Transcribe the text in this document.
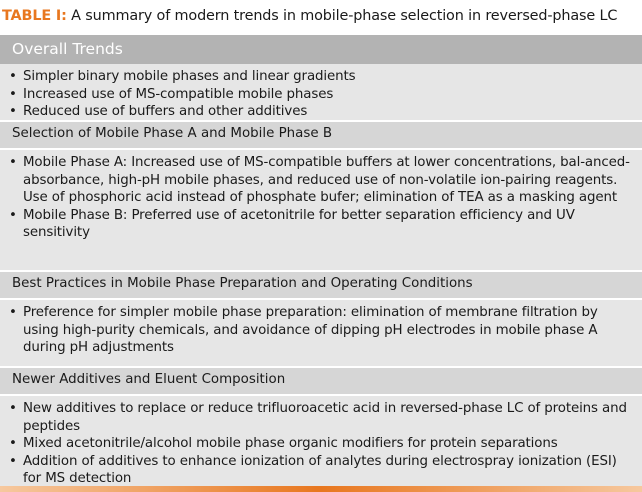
TABLE I: A summary of modern trends in mobile-phase selection in reversed-phase LC
Overall Trends
• Simpler binary mobile phases and linear gradients
• Increased use of MS-compatible mobile phases
• Reduced use of buffers and other additives
Selection of Mobile Phase A and Mobile Phase B
• Mobile Phase A: Increased use of MS-compatible buffers at lower concentrations, bal-anced-absorbance, high-pH mobile phases, and reduced use of non-volatile ion-pairing reagents. Use of phosphoric acid instead of phosphate bufer; elimination of TEA as a masking agent
• Mobile Phase B: Preferred use of acetonitrile for better separation efficiency and UV sensitivity
Best Practices in Mobile Phase Preparation and Operating Conditions
• Preference for simpler mobile phase preparation: elimination of membrane filtration by using high-purity chemicals, and avoidance of dipping pH electrodes in mobile phase A during pH adjustments
Newer Additives and Eluent Composition
• New additives to replace or reduce trifluoroacetic acid in reversed-phase LC of proteins and peptides
• Mixed acetonitrile/alcohol mobile phase organic modifiers for protein separations
• Addition of additives to enhance ionization of analytes during electrospray ionization (ESI) for MS detection
